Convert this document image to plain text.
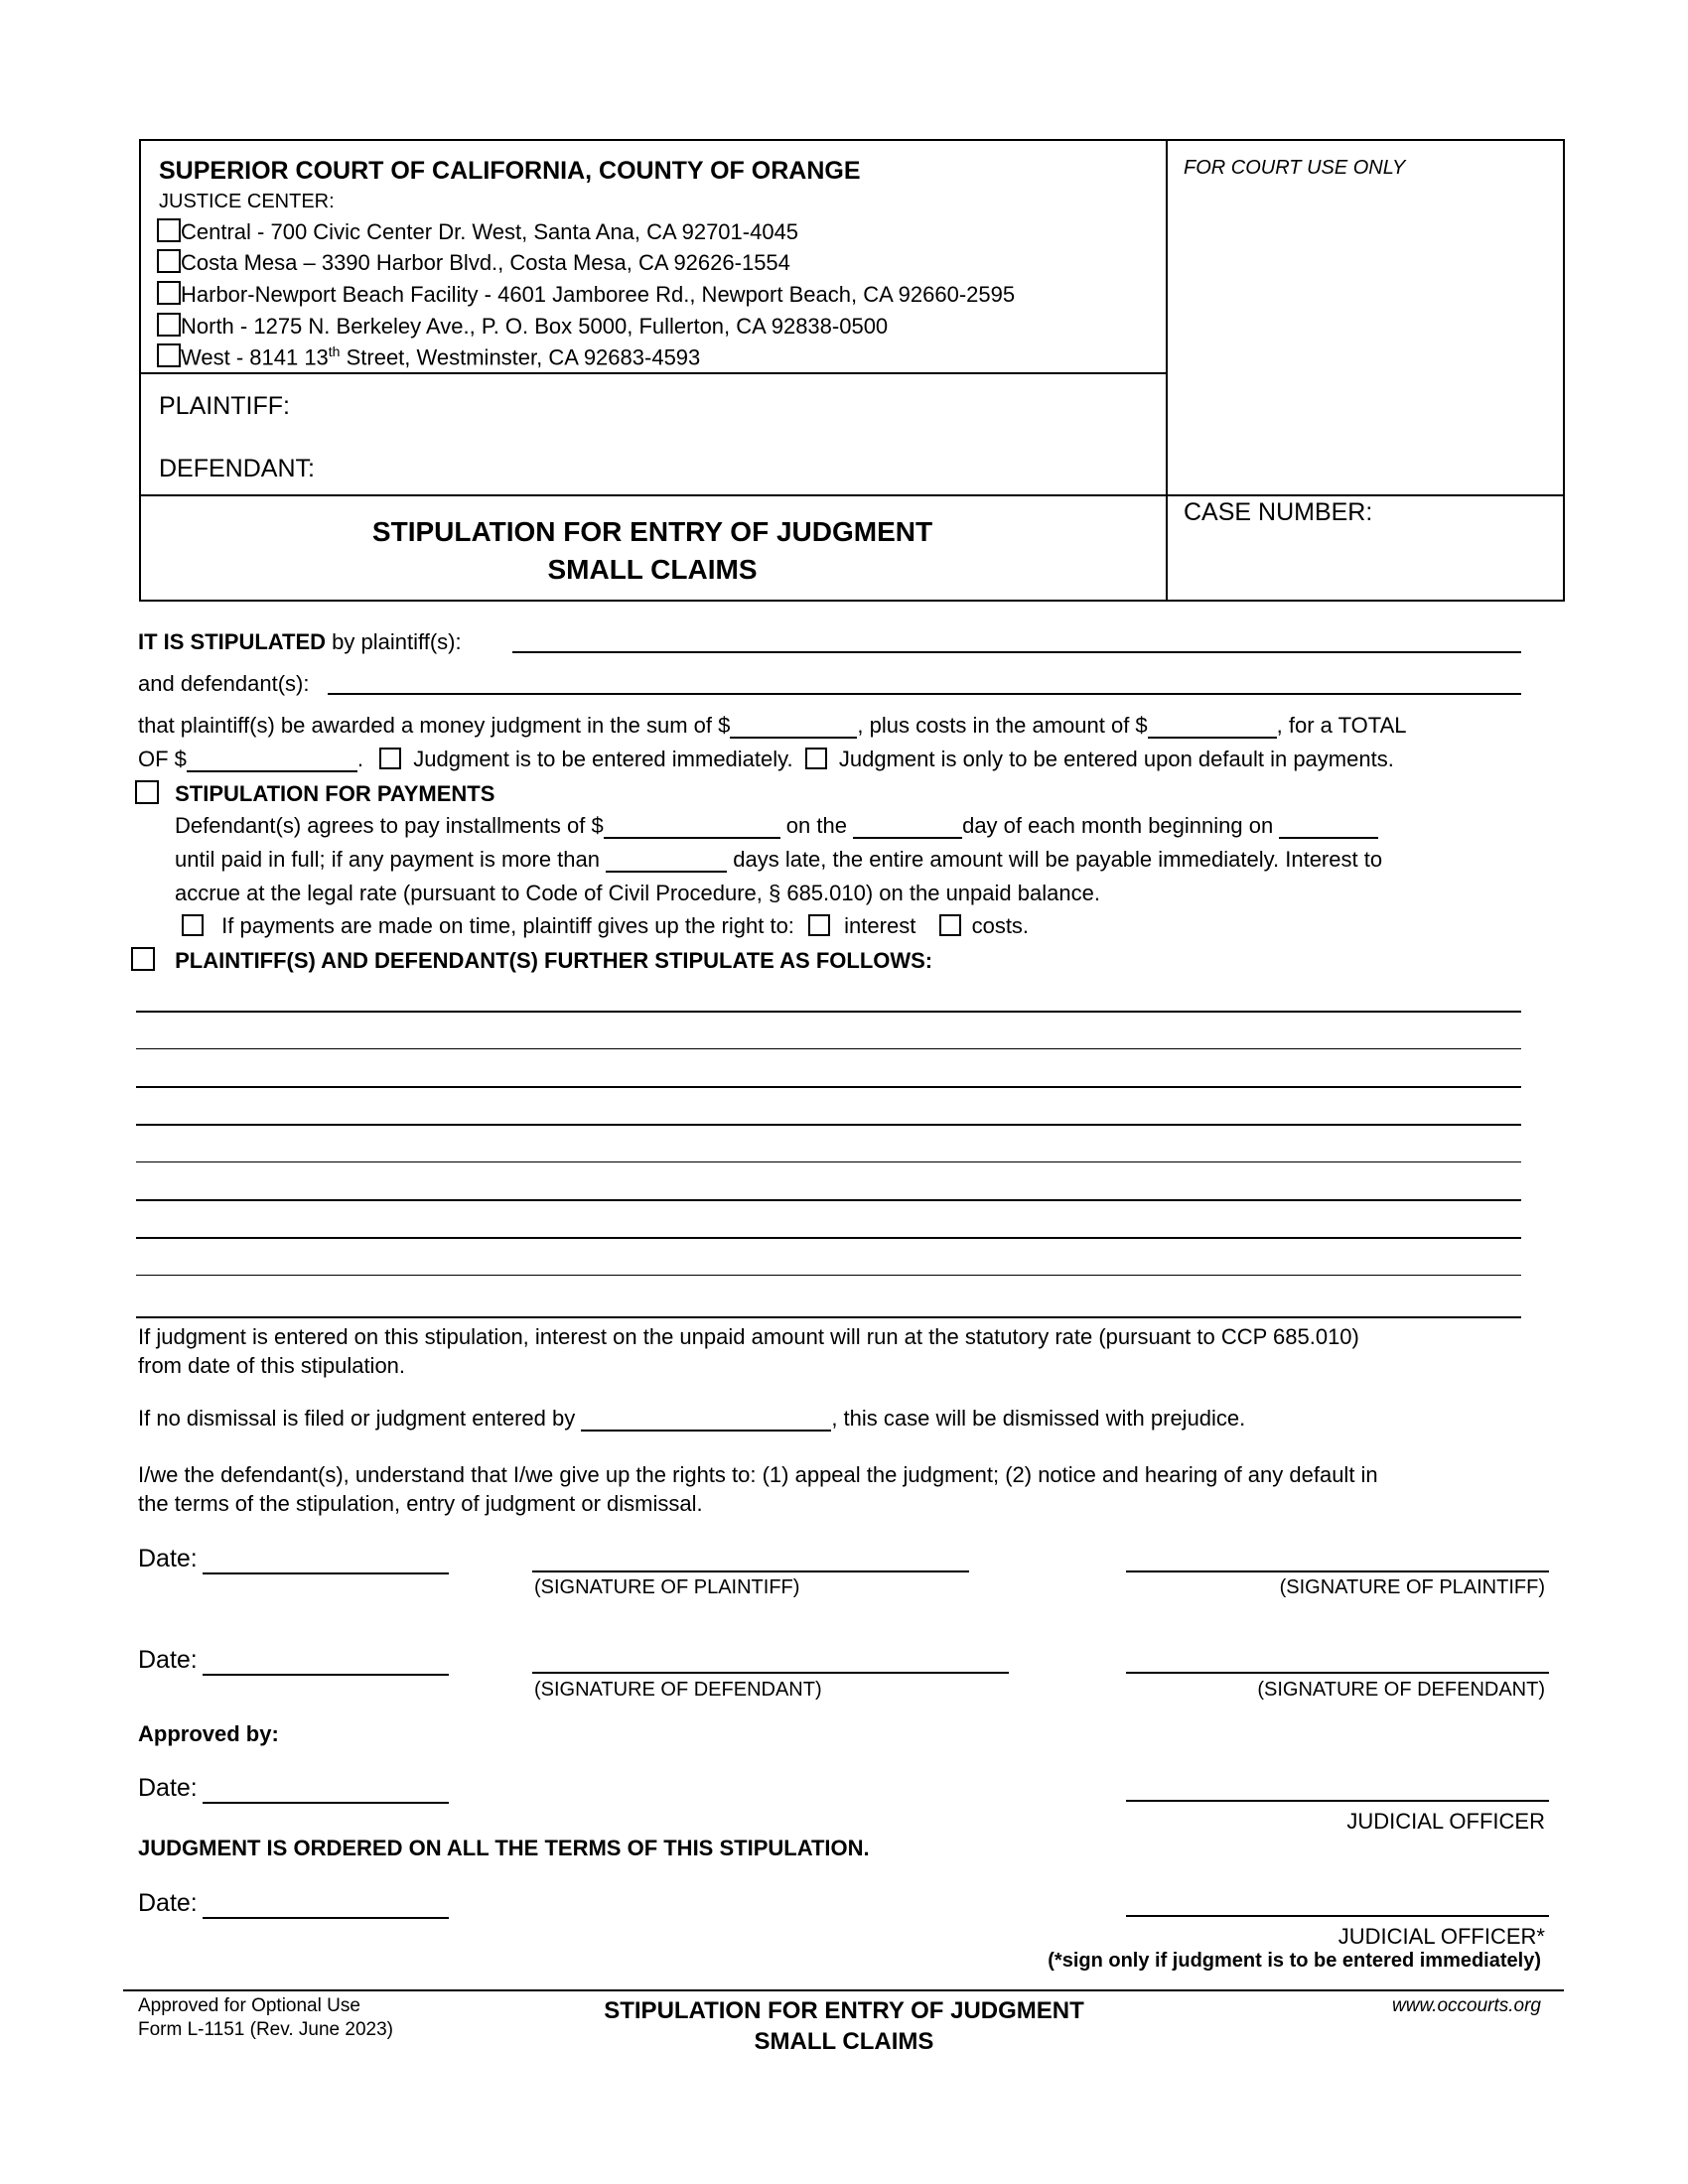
SUPERIOR COURT OF CALIFORNIA, COUNTY OF ORANGE
JUSTICE CENTER:
Central - 700 Civic Center Dr. West, Santa Ana, CA 92701-4045
Costa Mesa – 3390 Harbor Blvd., Costa Mesa, CA 92626-1554
Harbor-Newport Beach Facility - 4601 Jamboree Rd., Newport Beach, CA 92660-2595
North - 1275 N. Berkeley Ave., P. O. Box 5000, Fullerton, CA 92838-0500
West - 8141 13th Street, Westminster, CA 92683-4593
FOR COURT USE ONLY
PLAINTIFF:
DEFENDANT:
CASE NUMBER:
STIPULATION FOR ENTRY OF JUDGMENT
SMALL CLAIMS
IT IS STIPULATED by plaintiff(s):
and defendant(s):
that plaintiff(s) be awarded a money judgment in the sum of $	, plus costs in the amount of $	, for a TOTAL
OF $	. Judgment is to be entered immediately. Judgment is only to be entered upon default in payments.
STIPULATION FOR PAYMENTS
Defendant(s) agrees to pay installments of $	on the	day of each month beginning on
until paid in full; if any payment is more than	days late, the entire amount will be payable immediately. Interest to
accrue at the legal rate (pursuant to Code of Civil Procedure, § 685.010) on the unpaid balance.
If payments are made on time, plaintiff gives up the right to: interest	costs.
PLAINTIFF(S) AND DEFENDANT(S) FURTHER STIPULATE AS FOLLOWS:
If judgment is entered on this stipulation, interest on the unpaid amount will run at the statutory rate (pursuant to CCP 685.010)
from date of this stipulation.
If no dismissal is filed or judgment entered by	, this case will be dismissed with prejudice.
I/we the defendant(s), understand that I/we give up the rights to: (1) appeal the judgment; (2) notice and hearing of any default in
the terms of the stipulation, entry of judgment or dismissal.
Date:
(SIGNATURE OF PLAINTIFF)	(SIGNATURE OF PLAINTIFF)
Date:
(SIGNATURE OF DEFENDANT)	(SIGNATURE OF DEFENDANT)
Approved by:
Date:
JUDICIAL OFFICER
JUDGMENT IS ORDERED ON ALL THE TERMS OF THIS STIPULATION.
Date:
JUDICIAL OFFICER*
(*sign only if judgment is to be entered immediately)
Approved for Optional Use
Form L-1151 (Rev. June 2023)
STIPULATION FOR ENTRY OF JUDGMENT
SMALL CLAIMS
www.occourts.org
